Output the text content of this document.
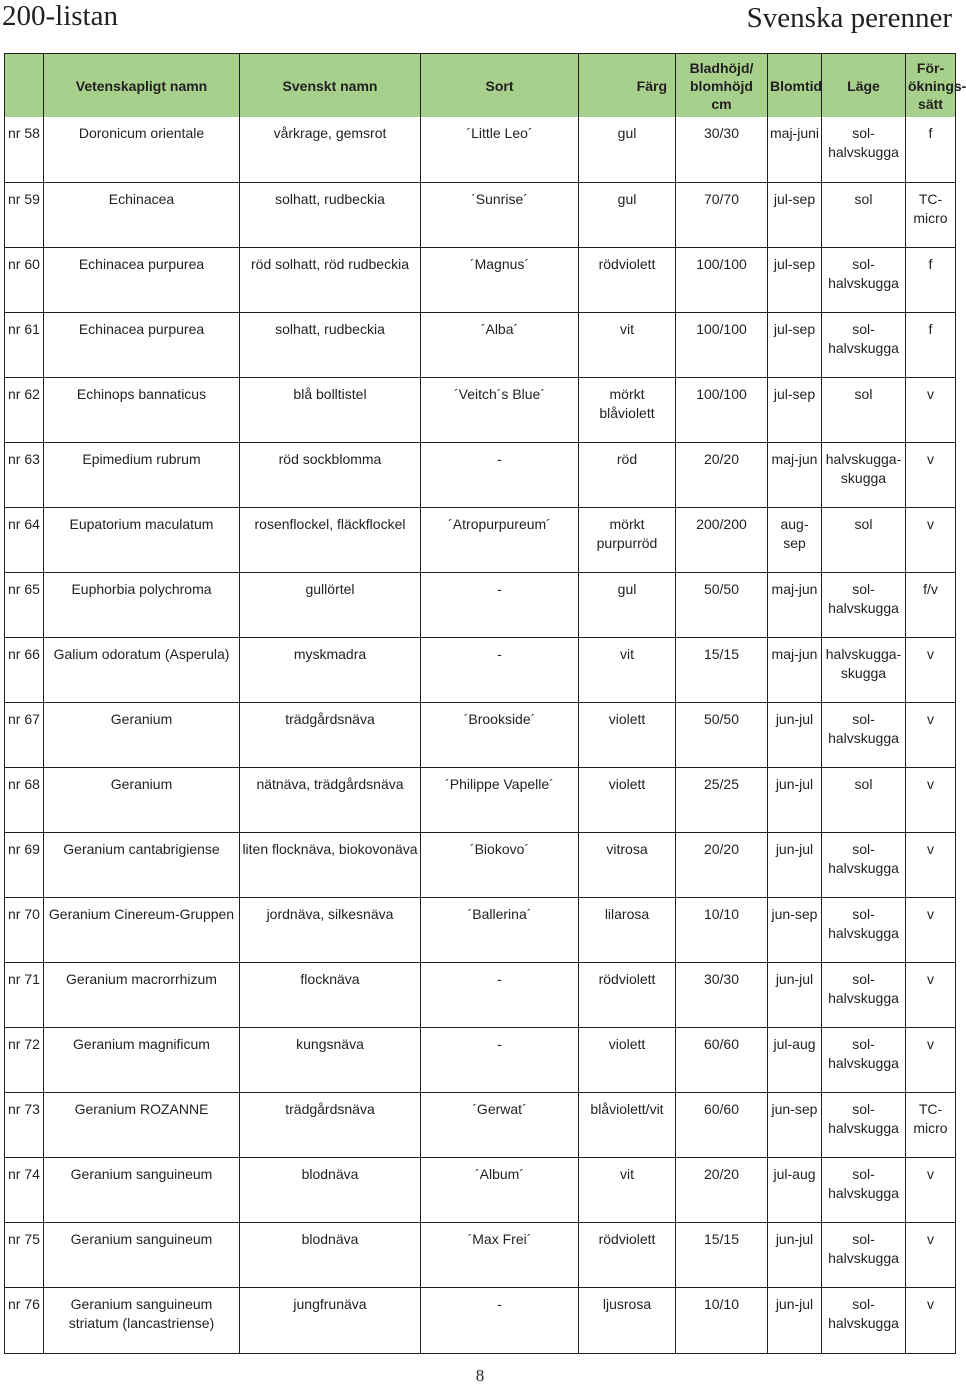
200-listan	Svenska perenner
	Vetenskapligt namn	Svenskt namn	Sort	Färg	Bladhöjd/ blomhöjd cm	Blomtid	Läge	För- öknings- sätt
nr 58	Doronicum orientale	vårkrage, gemsrot	´Little Leo´	gul	30/30	maj-juni	sol- halvskugga	f
nr 59	Echinacea	solhatt, rudbeckia	´Sunrise´	gul	70/70	jul-sep	sol	TC-micro
nr 60	Echinacea purpurea	röd solhatt, röd rudbeckia	´Magnus´	rödviolett	100/100	jul-sep	sol- halvskugga	f
nr 61	Echinacea purpurea	solhatt, rudbeckia	´Alba´	vit	100/100	jul-sep	sol- halvskugga	f
nr 62	Echinops bannaticus	blå bolltistel	´Veitch´s Blue´	mörkt blåviolett	100/100	jul-sep	sol	v
nr 63	Epimedium rubrum	röd sockblomma	-	röd	20/20	maj-jun	halvskugga- skugga	v
nr 64	Eupatorium maculatum	rosenflockel, fläckflockel	´Atropurpureum´	mörkt purpurröd	200/200	aug-sep	sol	v
nr 65	Euphorbia polychroma	gullörtel	-	gul	50/50	maj-jun	sol- halvskugga	f/v
nr 66	Galium odoratum (Asperula)	myskmadra	-	vit	15/15	maj-jun	halvskugga- skugga	v
nr 67	Geranium	trädgårdsnäva	´Brookside´	violett	50/50	jun-jul	sol- halvskugga	v
nr 68	Geranium	nätnäva, trädgårdsnäva	´Philippe Vapelle´	violett	25/25	jun-jul	sol	v
nr 69	Geranium cantabrigiense	liten flocknäva, biokovonäva	´Biokovo´	vitrosa	20/20	jun-jul	sol- halvskugga	v
nr 70	Geranium Cinereum-Gruppen	jordnäva, silkesnäva	´Ballerina´	lilarosa	10/10	jun-sep	sol- halvskugga	v
nr 71	Geranium macrorrhizum	flocknäva	-	rödviolett	30/30	jun-jul	sol- halvskugga	v
nr 72	Geranium magnificum	kungsnäva	-	violett	60/60	jul-aug	sol- halvskugga	v
nr 73	Geranium ROZANNE	trädgårdsnäva	´Gerwat´	blåviolett/vit	60/60	jun-sep	sol- halvskugga	TC-micro
nr 74	Geranium sanguineum	blodnäva	´Album´	vit	20/20	jul-aug	sol- halvskugga	v
nr 75	Geranium sanguineum	blodnäva	´Max Frei´	rödviolett	15/15	jun-jul	sol- halvskugga	v
nr 76	Geranium sanguineum striatum (lancastriense)	jungfrunäva	-	ljusrosa	10/10	jun-jul	sol- halvskugga	v
8
